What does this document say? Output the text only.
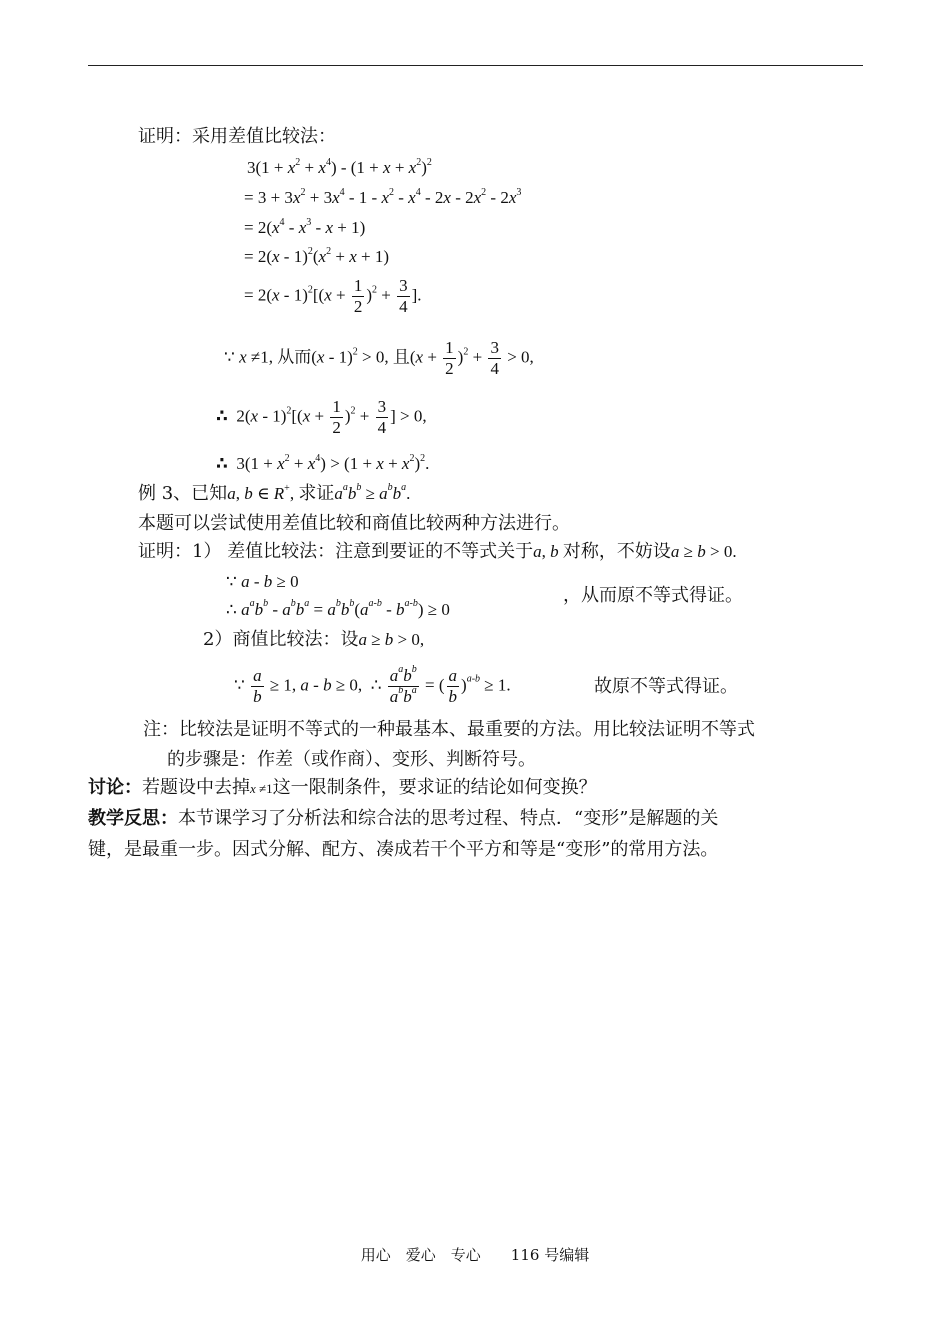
证明：采用差值比较法：
$3(1 + x^2 + x^4) - (1 + x + x^2)^2$
= $3 + 3x^2 + 3x^4 - 1 - x^2 - x^4 - 2x - 2x^2 - 2x^3$
= $2(x^4 - x^3 - x + 1)$
= $2(x - 1)^2(x^2 + x + 1)$
= $2(x - 1)^2[(x + \frac{1}{2} )^2 + \frac{3}{4}$ ].
∵ x ≠1, 从而(x - 1)$^2$ > 0, 且$(x + \frac{1}{2} )^2 + \frac{3}{4} > 0$,
∴  $2(x - 1)^2[(x + \frac{1}{2} )^2 + \frac{3}{4}$ ] > 0,
∴  $3(1 + x^2 + x^4) > (1 + x + x^2)^2$.
例 3、已知a, b ∈ R+, 求证$a^ab^b \ge a^bb^a$.
本题可以尝试使用差值比较和商值比较两种方法进行。
证明：1） 差值比较法：注意到要证的不等式关于a, b 对称，不妨设a ≥ b > 0.
∵ a - b ≥ 0
∴ $a^ab^b - a^bb^a = a^bb^b(a^{a-b} - b^{a-b}) \ge 0$
，从而原不等式得证。
2）商值比较法：设a ≥ b > 0,
∵ $\frac{a}{b} \ge 1$, a - b ≥ 0,  ∴ $\frac{a^ab^b}{a^bb^a}$ = ( $\frac{a}{b} )^{a-b} \ge 1$.	故原不等式得证。
注：比较法是证明不等式的一种最基本、最重要的方法。用比较法证明不等式
的步骤是：作差（或作商）、变形、判断符号。
讨论：若题设中去掉x ≠1这一限制条件，要求证的结论如何变换？
教学反思：本节课学习了分析法和综合法的思考过程、特点．“变形”是解题的关
键，是最重一步。因式分解、配方、凑成若干个平方和等是“变形”的常用方法。
用心　爱心　专心　　116 号编辑
